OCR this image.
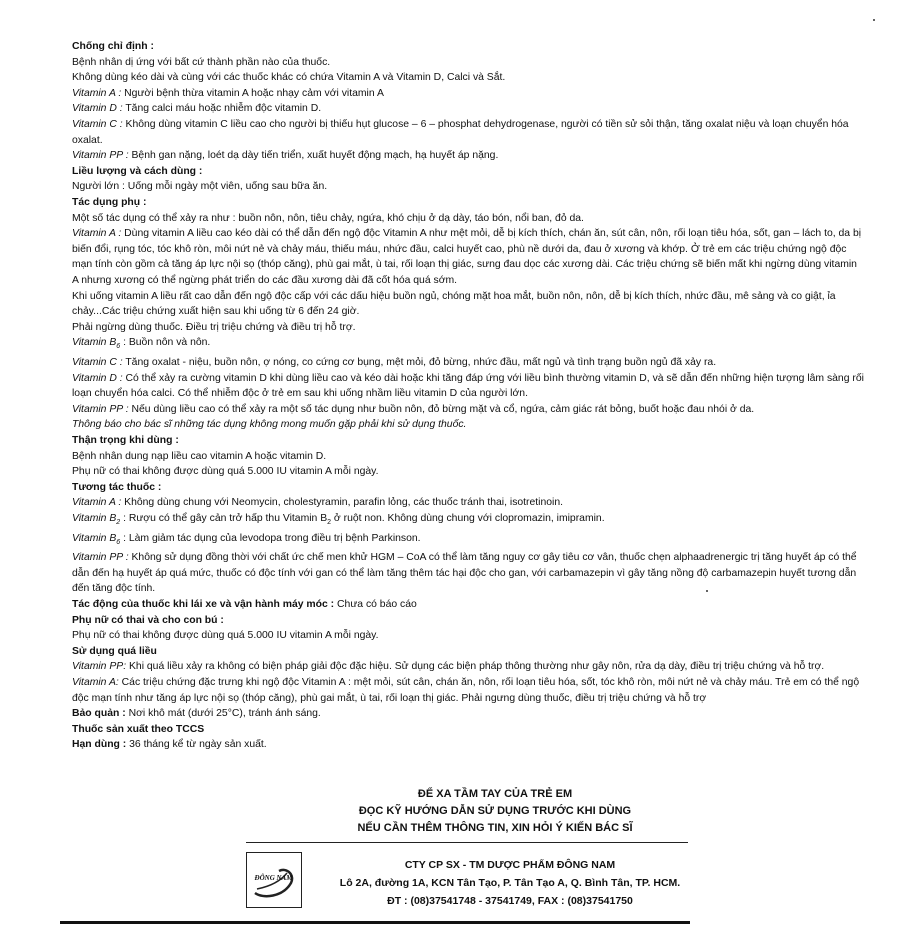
Chống chỉ định :

Bệnh nhân dị ứng với bất cứ thành phần nào của thuốc.

Không dùng kéo dài và cùng với các thuốc khác có chứa Vitamin A và Vitamin D, Calci và Sắt.

Vitamin A : Người bệnh thừa vitamin A hoặc nhạy cảm với vitamin A

Vitamin D : Tăng calci máu hoặc nhiễm độc vitamin D.

Vitamin C : Không dùng vitamin C liều cao cho người bị thiếu hụt glucose – 6 – phosphat dehydrogenase, người có tiền sử sỏi thận, tăng oxalat niệu và loạn chuyển hóa oxalat.

Vitamin PP : Bệnh gan nặng, loét dạ dày tiến triển, xuất huyết động mạch, hạ huyết áp nặng.

Liều lượng và cách dùng :

Người lớn : Uống mỗi ngày một viên, uống sau bữa ăn.

Tác dụng phụ :

Một số tác dụng có thể xảy ra như : buồn nôn, nôn, tiêu chảy, ngứa, khó chịu ở dạ dày, táo bón, nổi ban, đỏ da.

Vitamin A : Dùng vitamin A liều cao kéo dài có thể dẫn đến ngộ độc Vitamin A như mệt mỏi, dễ bị kích thích, chán ăn, sút cân, nôn, rối loạn tiêu hóa, sốt, gan – lách to, da bị biến đổi, rụng tóc, tóc khô ròn, môi nứt nẻ và chảy máu, thiếu máu, nhức đầu, calci huyết cao, phù nề dưới da, đau ở xương và khớp. Ở trẻ em các triệu chứng ngộ độc mạn tính còn gồm cả tăng áp lực nội sọ (thóp căng), phù gai mắt, ù tai, rối loạn thị giác, sưng đau dọc các xương dài. Các triệu chứng sẽ biến mất khi ngừng dùng vitamin A nhưng xương có thể ngừng phát triển do các đầu xương dài đã cốt hóa quá sớm.

Khi uống vitamin A liều rất cao dẫn đến ngộ độc cấp với các dấu hiệu buồn ngủ, chóng mặt hoa mắt, buồn nôn, nôn, dễ bị kích thích, nhức đầu, mê sảng và co giật, ỉa chảy...Các triệu chứng xuất hiện sau khi uống từ 6 đến 24 giờ.

Phải ngừng dùng thuốc. Điều trị triệu chứng và điều trị hỗ trợ.

Vitamin $B_6$ : Buồn nôn và nôn.

Vitamin C : Tăng oxalat - niệu, buồn nôn, ợ nóng, co cứng cơ bụng, mệt mỏi, đỏ bừng, nhức đầu, mất ngủ và tình trạng buồn ngủ đã xảy ra.

Vitamin D : Có thể xảy ra cường vitamin D khi dùng liều cao và kéo dài hoặc khi tăng đáp ứng với liều bình thường vitamin D, và sẽ dẫn đến những hiện tượng lâm sàng rối loạn chuyển hóa calci. Có thể nhiễm độc ở trẻ em sau khi uống nhầm liều vitamin D của người lớn.

Vitamin PP : Nếu dùng liều cao có thể xảy ra một số tác dụng như buồn nôn, đỏ bừng mặt và cổ, ngứa, cảm giác rát bỏng, buốt hoặc đau nhói ở da.

Thông báo cho bác sĩ những tác dụng không mong muốn gặp phải khi sử dụng thuốc.

Thận trọng khi dùng :

Bệnh nhân dung nạp liều cao vitamin A hoặc vitamin D.

Phụ nữ có thai không được dùng quá 5.000 IU vitamin A mỗi ngày.

Tương tác thuốc :

Vitamin A : Không dùng chung với Neomycin, cholestyramin, parafin lỏng, các thuốc tránh thai, isotretinoin.

Vitamin $B_2$ : Rượu có thể gây cản trở hấp thu Vitamin $B_2$ ở ruột non. Không dùng chung với clopromazin, imipramin.

Vitamin $B_6$ : Làm giảm tác dụng của levodopa trong điều trị bệnh Parkinson.

Vitamin PP : Không sử dụng đồng thời với chất ức chế men khử HGM – CoA có thể làm tăng nguy cơ gây tiêu cơ vân, thuốc chẹn alphaadrenergic trị tăng huyết áp có thể dẫn đến hạ huyết áp quá mức, thuốc có độc tính với gan có thể làm tăng thêm tác hại độc cho gan, với carbamazepin vì gây tăng nồng độ carbamazepin huyết tương dẫn đến tăng độc tính.

Tác động của thuốc khi lái xe và vận hành máy móc : Chưa có báo cáo

Phụ nữ có thai và cho con bú :

Phụ nữ có thai không được dùng quá 5.000 IU vitamin A mỗi ngày.

Sử dụng quá liều

Vitamin PP: Khi quá liều xảy ra không có biện pháp giải độc đặc hiệu. Sử dụng các biện pháp thông thường như gây nôn, rửa dạ dày, điều trị triệu chứng và hỗ trợ.

Vitamin A: Các triệu chứng đặc trưng khi ngộ độc Vitamin A : mệt mỏi, sút cân, chán ăn, nôn, rối loạn tiêu hóa, sốt, tóc khô ròn, môi nứt nẻ và chảy máu. Trẻ em có thể ngộ độc mạn tính như tăng áp lực nội sọ (thóp căng), phù gai mắt, ù tai, rối loạn thị giác. Phải ngưng dùng thuốc, điều trị triệu chứng và hỗ trợ

Bảo quản : Nơi khô mát (dưới 25°C), tránh ánh sáng.

Thuốc sản xuất theo TCCS

Hạn dùng : 36 tháng kể từ ngày sản xuất.

ĐỂ XA TẦM TAY CỦA TRẺ EM
ĐỌC KỸ HƯỚNG DẪN SỬ DỤNG TRƯỚC KHI DÙNG
NẾU CẦN THÊM THÔNG TIN, XIN HỎI Ý KIẾN BÁC SĨ
ĐÔNG NAM
CTY CP SX - TM DƯỢC PHẨM ĐÔNG NAM
Lô 2A, đường 1A, KCN Tân Tạo, P. Tân Tạo A, Q. Bình Tân, TP. HCM.
ĐT : (08)37541748 - 37541749, FAX : (08)37541750
